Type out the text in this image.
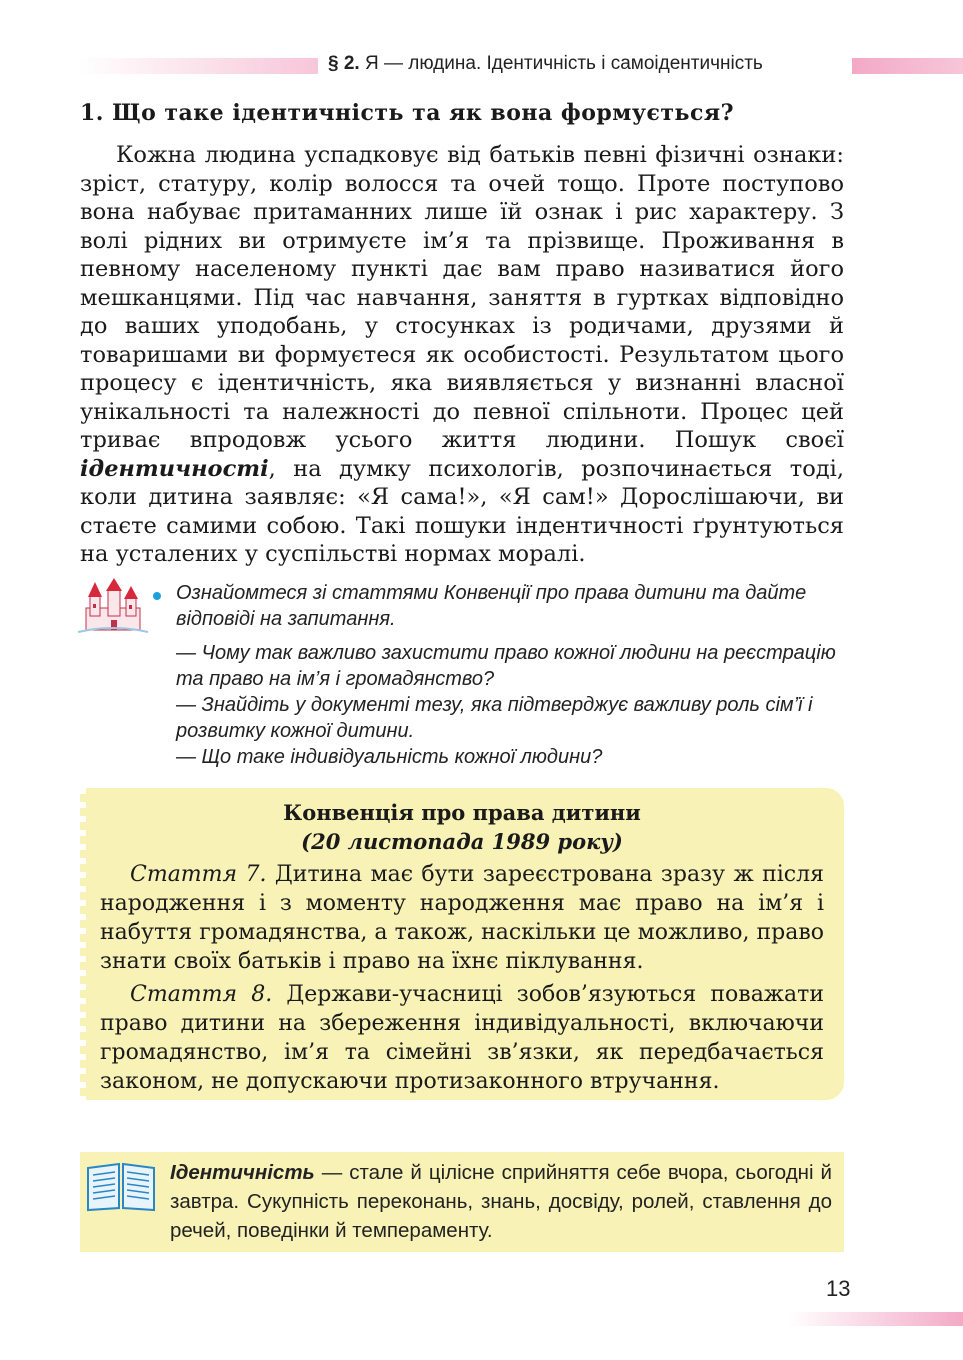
§ 2. Я — людина. Ідентичність і самоідентичність
1. Що таке ідентичність та як вона формується?

Кожна людина успадковує від батьків певні фізичні ознаки: зріст, статуру, колір волосся та очей тощо. Проте поступово вона набуває притаманних лише їй ознак і рис характеру. З волі рідних ви отримуєте ім’я та прізвище. Проживання в певному населеному пункті дає вам право називатися його мешканцями. Під час навчання, заняття в гуртках відповідно до ваших уподобань, у стосунках із родичами, друзями й товаришами ви формуєтеся як особистості. Результатом цього процесу є ідентичність, яка виявляється у визнанні власної унікальності та належності до певної спільноти. Процес цей триває впродовж усього життя людини. Пошук своєї ідентичності, на думку психологів, розпочинається тоді, коли дитина заявляє: «Я сама!», «Я сам!» Дорослішаючи, ви стаєте самими собою. Такі пошуки індентичності ґрунтуються на усталених у суспільстві нормах моралі.

Ознайомтеся зі статтями Конвенції про права дитини та дайте відповіді на запитання.

— Чому так важливо захистити право кожної людини на реєстрацію та право на ім’я і громадянство?

— Знайдіть у документі тезу, яка підтверджує важливу роль сім’ї і розвитку кожної дитини.

— Що таке індивідуальність кожної людини?

Конвенція про права дитини
(20 листопада 1989 року)

Стаття 7. Дитина має бути зареєстрована зразу ж після народження і з моменту народження має право на ім’я і набуття громадянства, а також, наскільки це можливо, право знати своїх батьків і право на їхнє піклування.

Стаття 8. Держави-учасниці зобов’язуються поважати право дитини на збереження індивідуальності, включаючи громадянство, ім’я та сімейні зв’язки, як передбачається законом, не допускаючи протизаконного втручання.

Ідентичність — стале й цілісне сприйняття себе вчора, сьогодні й завтра. Сукупність переконань, знань, досвіду, ролей, ставлення до речей, поведінки й темпераменту.
13
